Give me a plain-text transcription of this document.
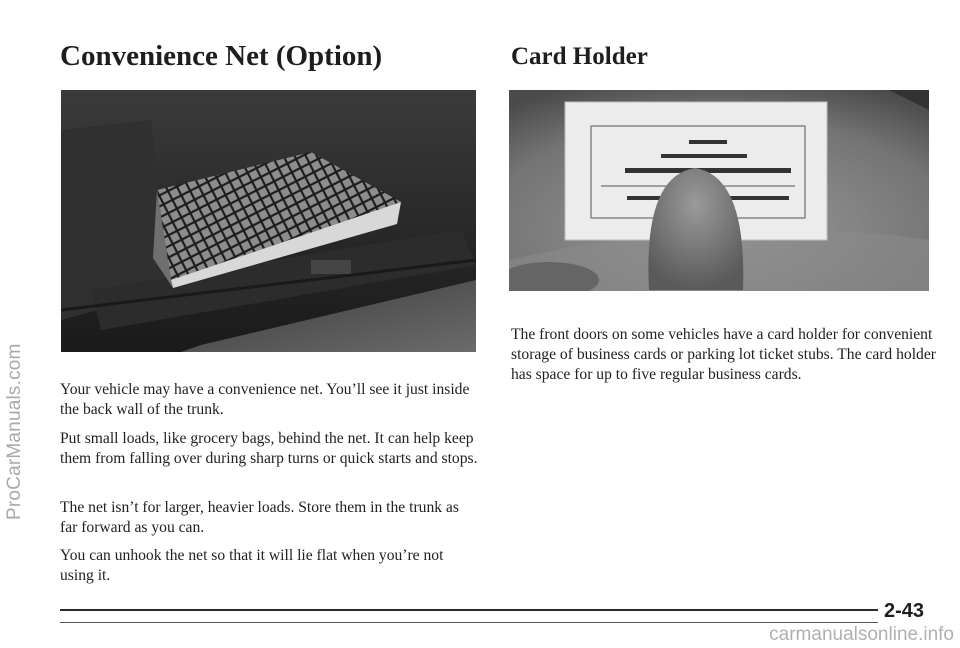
ProCarManuals.com
Convenience Net (Option)	Card Holder

Your vehicle may have a convenience net. You’ll see it just inside the back wall of the trunk.

Put small loads, like grocery bags, behind the net. It can help keep them from falling over during sharp turns or quick starts and stops.

The net isn’t for larger, heavier loads. Store them in the trunk as far forward as you can.

You can unhook the net so that it will lie flat when you’re not using it.

The front doors on some vehicles have a card holder for convenient storage of business cards or parking lot ticket stubs. The card holder has space for up to five regular business cards.

2-43
carmanualsonline.info
